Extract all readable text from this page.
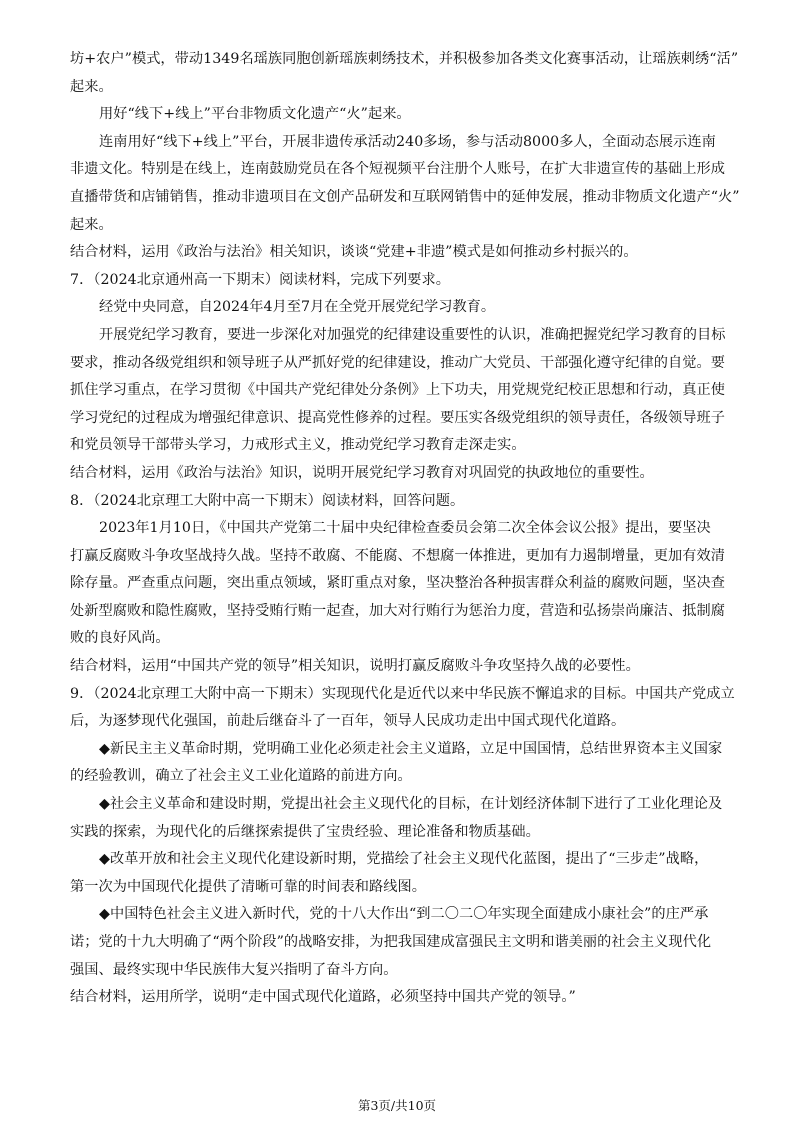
坊+农户”模式，带动1349名瑶族同胞创新瑶族刺绣技术，并积极参加各类文化赛事活动，让瑶族刺绣“活”
起来。
用好“线下+线上”平台非物质文化遗产“火”起来。
连南用好“线下+线上”平台，开展非遗传承活动240多场，参与活动8000多人，全面动态展示连南
非遗文化。特别是在线上，连南鼓励党员在各个短视频平台注册个人账号，在扩大非遗宣传的基础上形成
直播带货和店铺销售，推动非遗项目在文创产品研发和互联网销售中的延伸发展，推动非物质文化遗产“火”
起来。
结合材料，运用《政治与法治》相关知识，谈谈“党建+非遗”模式是如何推动乡村振兴的。
7．（2024北京通州高一下期末）阅读材料，完成下列要求。
经党中央同意，自2024年4月至7月在全党开展党纪学习教育。
开展党纪学习教育，要进一步深化对加强党的纪律建设重要性的认识，准确把握党纪学习教育的目标
要求，推动各级党组织和领导班子从严抓好党的纪律建设，推动广大党员、干部强化遵守纪律的自觉。要
抓住学习重点，在学习贯彻《中国共产党纪律处分条例》上下功夫，用党规党纪校正思想和行动，真正使
学习党纪的过程成为增强纪律意识、提高党性修养的过程。要压实各级党组织的领导责任，各级领导班子
和党员领导干部带头学习，力戒形式主义，推动党纪学习教育走深走实。
结合材料，运用《政治与法治》知识，说明开展党纪学习教育对巩固党的执政地位的重要性。
8．（2024北京理工大附中高一下期末）阅读材料，回答问题。
2023年1月10日，《中国共产党第二十届中央纪律检查委员会第二次全体会议公报》提出，要坚决
打赢反腐败斗争攻坚战持久战。坚持不敢腐、不能腐、不想腐一体推进，更加有力遏制增量，更加有效清
除存量。严查重点问题，突出重点领域，紧盯重点对象，坚决整治各种损害群众利益的腐败问题，坚决查
处新型腐败和隐性腐败，坚持受贿行贿一起查，加大对行贿行为惩治力度，营造和弘扬崇尚廉洁、抵制腐
败的良好风尚。
结合材料，运用“中国共产党的领导”相关知识，说明打赢反腐败斗争攻坚持久战的必要性。
9．（2024北京理工大附中高一下期末）实现现代化是近代以来中华民族不懈追求的目标。中国共产党成立
后，为逐梦现代化强国，前赴后继奋斗了一百年，领导人民成功走出中国式现代化道路。
◆新民主主义革命时期，党明确工业化必须走社会主义道路，立足中国国情，总结世界资本主义国家
的经验教训，确立了社会主义工业化道路的前进方向。
◆社会主义革命和建设时期，党提出社会主义现代化的目标，在计划经济体制下进行了工业化理论及
实践的探索，为现代化的后继探索提供了宝贵经验、理论准备和物质基础。
◆改革开放和社会主义现代化建设新时期，党描绘了社会主义现代化蓝图，提出了“三步走”战略，
第一次为中国现代化提供了清晰可靠的时间表和路线图。
◆中国特色社会主义进入新时代，党的十八大作出“到二〇二〇年实现全面建成小康社会”的庄严承
诺；党的十九大明确了“两个阶段”的战略安排，为把我国建成富强民主文明和谐美丽的社会主义现代化
强国、最终实现中华民族伟大复兴指明了奋斗方向。
结合材料，运用所学，说明“走中国式现代化道路，必须坚持中国共产党的领导。”
第3页/共10页
